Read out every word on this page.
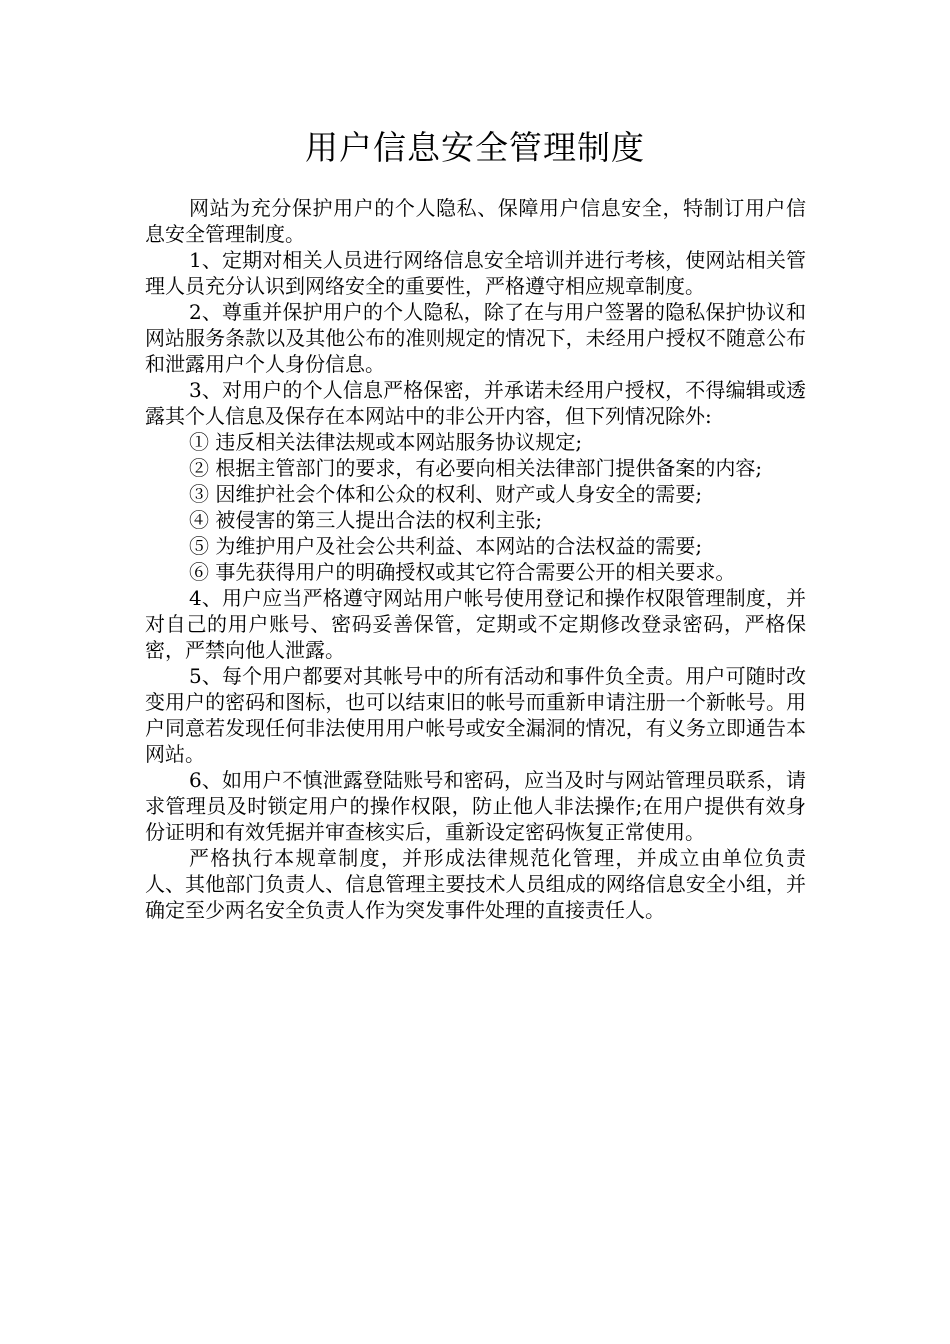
用户信息安全管理制度

网站为充分保护用户的个人隐私、保障用户信息安全，特制订用户信息安全管理制度。

1、定期对相关人员进行网络信息安全培训并进行考核，使网站相关管理人员充分认识到网络安全的重要性，严格遵守相应规章制度。

2、尊重并保护用户的个人隐私，除了在与用户签署的隐私保护协议和网站服务条款以及其他公布的准则规定的情况下，未经用户授权不随意公布和泄露用户个人身份信息。

3、对用户的个人信息严格保密，并承诺未经用户授权，不得编辑或透露其个人信息及保存在本网站中的非公开内容，但下列情况除外:

① 违反相关法律法规或本网站服务协议规定;

② 根据主管部门的要求，有必要向相关法律部门提供备案的内容;

③ 因维护社会个体和公众的权利、财产或人身安全的需要;

④ 被侵害的第三人提出合法的权利主张;

⑤ 为维护用户及社会公共利益、本网站的合法权益的需要;

⑥ 事先获得用户的明确授权或其它符合需要公开的相关要求。

4、用户应当严格遵守网站用户帐号使用登记和操作权限管理制度，并对自己的用户账号、密码妥善保管，定期或不定期修改登录密码，严格保密，严禁向他人泄露。

5、每个用户都要对其帐号中的所有活动和事件负全责。用户可随时改变用户的密码和图标，也可以结束旧的帐号而重新申请注册一个新帐号。用户同意若发现任何非法使用用户帐号或安全漏洞的情况，有义务立即通告本网站。

6、如用户不慎泄露登陆账号和密码，应当及时与网站管理员联系，请求管理员及时锁定用户的操作权限，防止他人非法操作;在用户提供有效身份证明和有效凭据并审查核实后，重新设定密码恢复正常使用。

严格执行本规章制度，并形成法律规范化管理，并成立由单位负责人、其他部门负责人、信息管理主要技术人员组成的网络信息安全小组，并确定至少两名安全负责人作为突发事件处理的直接责任人。
